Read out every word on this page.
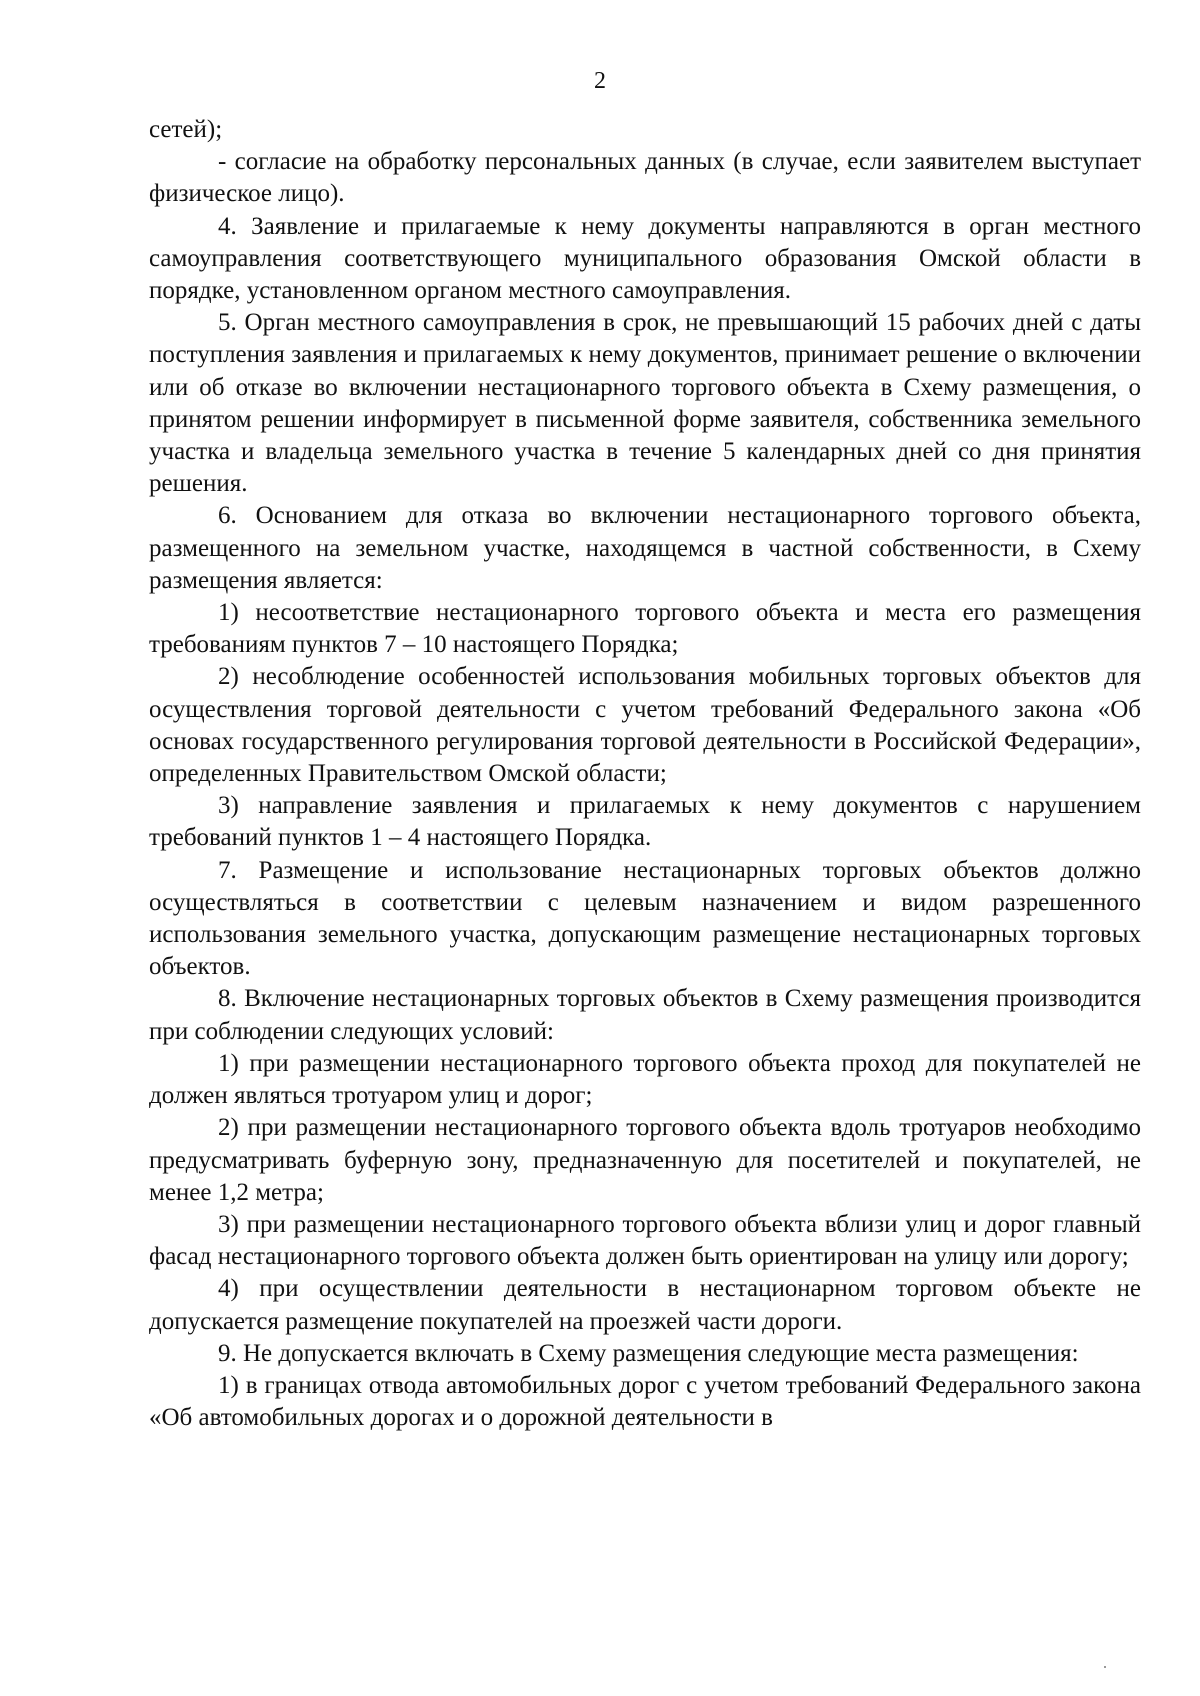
2

сетей);

- согласие на обработку персональных данных (в случае, если заявителем выступает физическое лицо).

4. Заявление и прилагаемые к нему документы направляются в орган местного самоуправления соответствующего муниципального образования Омской области в порядке, установленном органом местного самоуправления.

5. Орган местного самоуправления в срок, не превышающий 15 рабочих дней с даты поступления заявления и прилагаемых к нему документов, принимает решение о включении или об отказе во включении нестационарного торгового объекта в Схему размещения, о принятом решении информирует в письменной форме заявителя, собственника земельного участка и владельца земельного участка в течение 5 календарных дней со дня принятия решения.

6. Основанием для отказа во включении нестационарного торгового объекта, размещенного на земельном участке, находящемся в частной собственности, в Схему размещения является:

1) несоответствие нестационарного торгового объекта и места его размещения требованиям пунктов 7 – 10 настоящего Порядка;

2) несоблюдение особенностей использования мобильных торговых объектов для осуществления торговой деятельности с учетом требований Федерального закона «Об основах государственного регулирования торговой деятельности в Российской Федерации», определенных Правительством Омской области;

3) направление заявления и прилагаемых к нему документов с нарушением требований пунктов 1 – 4 настоящего Порядка.

7. Размещение и использование нестационарных торговых объектов должно осуществляться в соответствии с целевым назначением и видом разрешенного использования земельного участка, допускающим размещение нестационарных торговых объектов.

8. Включение нестационарных торговых объектов в Схему размещения производится при соблюдении следующих условий:

1) при размещении нестационарного торгового объекта проход для покупателей не должен являться тротуаром улиц и дорог;

2) при размещении нестационарного торгового объекта вдоль тротуаров необходимо предусматривать буферную зону, предназначенную для посетителей и покупателей, не менее 1,2 метра;

3) при размещении нестационарного торгового объекта вблизи улиц и дорог главный фасад нестационарного торгового объекта должен быть ориентирован на улицу или дорогу;

4) при осуществлении деятельности в нестационарном торговом объекте не допускается размещение покупателей на проезжей части дороги.

9. Не допускается включать в Схему размещения следующие места размещения:

1) в границах отвода автомобильных дорог с учетом требований Федерального закона «Об автомобильных дорогах и о дорожной деятельности в
